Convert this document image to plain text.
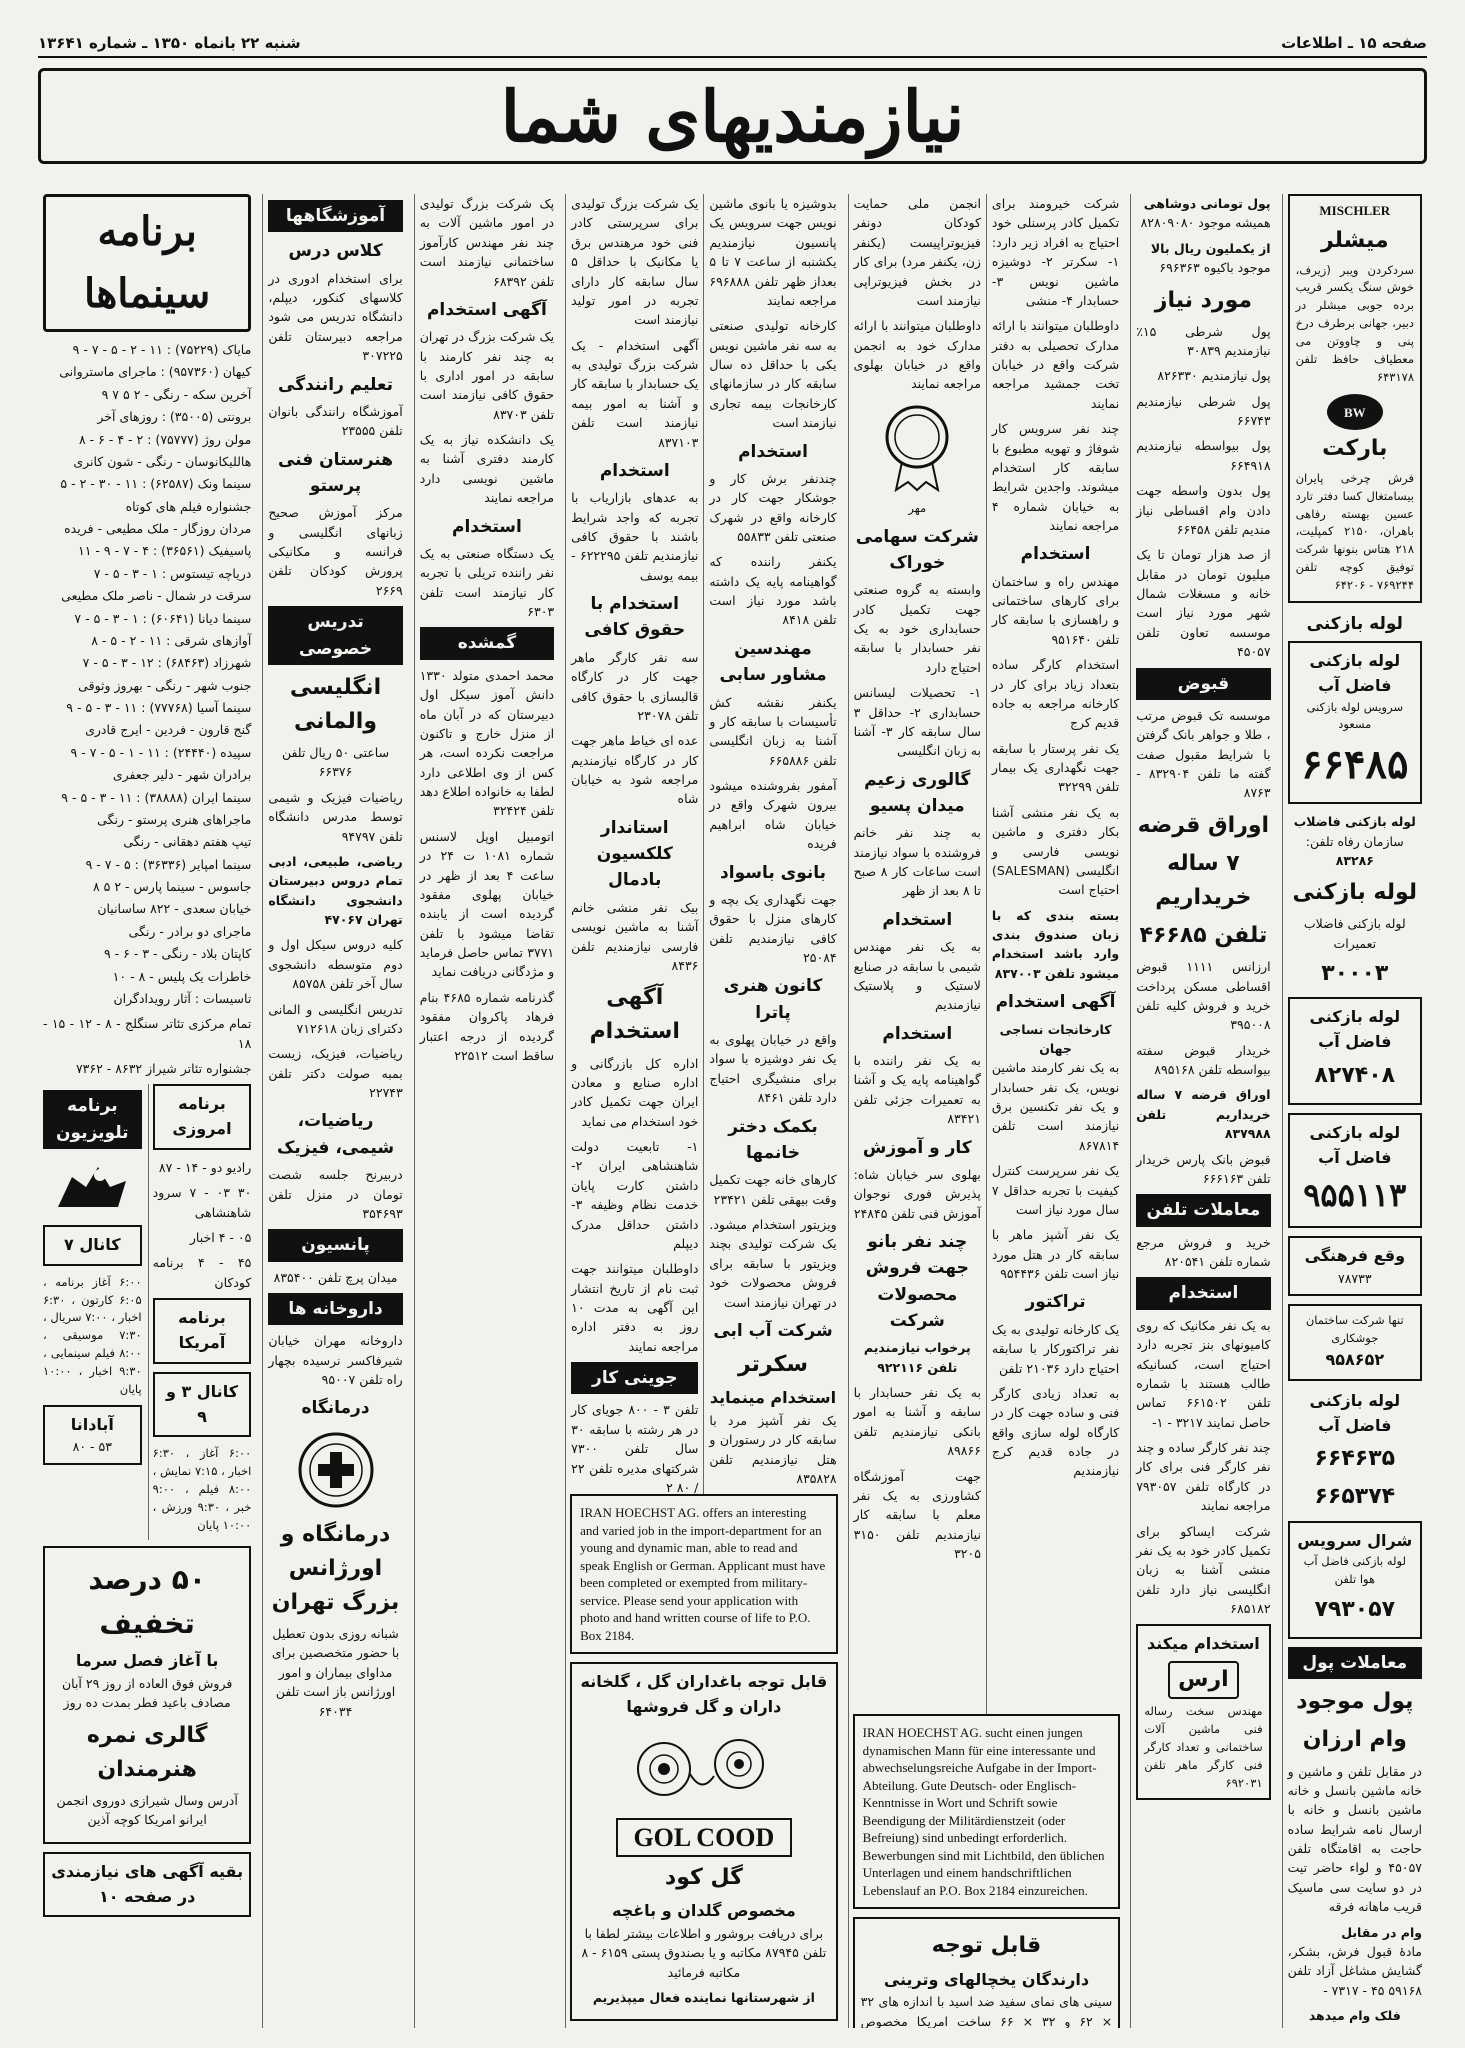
صفحه ۱۵ ـ اطلاعات
شنبه ۲۲ بانماه ۱۳۵۰ ـ شماره ۱۳۶۴۱
نیازمندیهای شما
MISCHLER
میشلر
سردکردن ویبر (زیرف، خوش سنگ یکسر قریب برده جوبی میشلر در دبیر، جهانی برطرف درخ پنی و چاووتن می معطیاف حافظ تلفن ۶۴۳۱۷۸
BW
بارکت
فرش چرخی پایران بیسامتغال کسا دفتر تارد عسین بهسته رفاهی باهران، ۲۱۵۰ کمپلیت، ۲۱۸ هتاس بنونها شرکت توفیق کوچه تلفن ۷۶۹۲۴۴ - ۶۴۲۰۶
لوله بازکنی
لوله بازکنی فاضل آب
سرویس لوله بازکنی مسعود
۶۶۴۸۵
لوله بازکنی فاضلاب
سازمان رفاه تلفن: ۸۳۲۸۶
لوله بازکنی
لوله بازکنی فاضلاب تعمیرات
۳۰۰۰۳
لوله بازکنی فاضل آب
۸۲۷۴۰۸
لوله بازکنی فاضل آب
۹۵۵۱۱۳
وقع فرهنگی
۷۸۷۳۳
تنها شرکت ساختمان جوشکاری
۹۵۸۶۵۲
لوله بازکنی فاضل آب
۶۶۴۶۳۵
۶۶۵۳۷۴
شرال سرویس
لوله بازکنی فاضل آب هوا تلفن
۷۹۳۰۵۷
معاملات پول
پول موجود
وام ارزان
در مقابل تلفن و ماشین و خانه ماشین بانسل و خانه ماشین بانسل و خانه با ارسال نامه شرایط ساده حاجت به اقامتگاه تلفن ۴۵۰۵۷ و لواء حاضر تیت در دو سایت سی ماسیک قریب ماهانه فرقه
وام در مقابل
مادهٔ قبول فرش، بشکر، گشایش مشاغل آزاد تلفن ۵۹۱۶۸ ۴۵ - ۷۳۱۷ -
فلک وام میدهد
پول تومانی دوشاهی
همیشه موجود ۸۲۸۰۹۰۸۰
از یکملیون ریال بالا
موجود باکیوه ۶۹۶۳۶۳
مورد نیاز
پول شرطی ۱۵٪ نیازمندیم ۳۰۸۳۹
پول نیازمندیم ۸۲۶۳۳۰
پول شرطی نیازمندیم ۶۶۷۴۳
پول بیواسطه نیازمندیم ۶۶۴۹۱۸
پول بدون واسطه جهت دادن وام اقساطی نیاز مندیم تلفن ۶۶۴۵۸
از صد هزار تومان تا یک میلیون تومان در مقابل خانه و مسغلات شمال شهر مورد نیاز است موسسه تعاون تلفن ۴۵۰۵۷
قبوض
موسسه تک قبوض مرتب ، طلا و جواهر بانک گرفتن با شرایط مقبول صفت گفته ما تلفن ۸۳۲۹۰۴ - ۸۷۶۳
اوراق قرضه
۷ ساله خریداریم
تلفن ۴۶۶۸۵
ارزانس ۱۱۱۱ قبوض اقساطی مسکن پرداخت خرید و فروش کلیه تلفن ۳۹۵۰۰۸
خریدار قبوض سفته بیواسطه تلفن ۸۹۵۱۶۸
اوراق قرضه ۷ ساله خریداریم تلفن ۸۳۷۹۸۸
قبوض بانک پارس خریدار تلفن ۶۶۶۱۶۳
معاملات تلفن
خرید و فروش مرجع شماره تلفن ۸۲۰۵۴۱
استخدام
به یک نفر مکانیک که روی کامیونهای بنز تجربه دارد احتیاج است، کسانیکه طالب هستند با شماره تلفن ۶۶۱۵۰۲ تماس حاصل نمایند ۳۲۱۷ - ۱-
چند نفر کارگر ساده و چند نفر کارگر فنی برای کار در کارگاه تلفن ۷۹۳۰۵۷ مراجعه نمایند
شرکت ایساکو برای تکمیل کادر خود به یک نفر منشی آشنا به زبان انگلیسی نیاز دارد تلفن ۶۸۵۱۸۲
استخدام میکند
ارس
مهندس سخت رساله فنی ماشین آلات ساختمانی و تعداد کارگر فنی کارگر ماهر تلفن ۶۹۲۰۳۱
شرکت خیرومند برای تکمیل کادر پرسنلی خود احتیاج به افراد زیر دارد: ۱- سکرتر ۲- دوشیزه ماشین نویس ۳- حسابدار ۴- منشی
داوطلبان میتوانند با ارائه مدارک تحصیلی به دفتر شرکت واقع در خیابان تخت جمشید مراجعه نمایند
چند نفر سرویس کار شوفاژ و تهویه مطبوع با سابقه کار استخدام میشوند. واجدین شرایط به خیابان شماره ۴ مراجعه نمایند
استخدام
مهندس راه و ساختمان برای کارهای ساختمانی و راهسازی با سابقه کار تلفن ۹۵۱۶۴۰
استخدام کارگر ساده بتعداد زیاد برای کار در کارخانه مراجعه به جاده قدیم کرج
یک نفر پرستار با سابقه جهت نگهداری یک بیمار تلفن ۳۲۲۹۹
به یک نفر منشی آشنا بکار دفتری و ماشین نویسی فارسی و انگلیسی (SALESMAN) احتیاج است
بسته بندی که با زبان صندوق بندی وارد باشد استخدام میشود تلفن ۸۳۷۰۰۳
آگهی استخدام
کارخانجات نساجی جهان
به یک نفر کارمند ماشین نویس، یک نفر حسابدار و یک نفر تکنسین برق نیازمند است تلفن ۸۶۷۸۱۴
یک نفر سرپرست کنترل کیفیت با تجربه حداقل ۷ سال مورد نیاز است
یک نفر آشپز ماهر با سابقه کار در هتل مورد نیاز است تلفن ۹۵۴۴۳۶
تراکتور
یک کارخانه تولیدی به یک نفر تراکتورکار با سابقه احتیاج دارد ۲۱۰۳۶ تلفن
به تعداد زیادی کارگر فنی و ساده جهت کار در کارگاه لوله سازی واقع در جاده قدیم کرج نیازمندیم
انجمن ملی حمایت کودکان دونفر فیزیوتراپیست (یکنفر زن، یکنفر مرد) برای کار در بخش فیزیوتراپی نیازمند است
داوطلبان میتوانند با ارائه مدارک خود به انجمن واقع در خیابان بهلوی مراجعه نمایند
مهر
شرکت سهامی خوراک
وابسته به گروه صنعتی جهت تکمیل کادر حسابداری خود به یک نفر حسابدار با سابقه احتیاج دارد
۱- تحصیلات لیسانس حسابداری ۲- حداقل ۳ سال سابقه کار ۳- آشنا به زبان انگلیسی
گالوری زعیم میدان پسیو
به چند نفر خانم فروشنده با سواد نیازمند است ساعات کار ۸ صبح تا ۸ بعد از ظهر
استخدام
به یک نفر مهندس شیمی با سابقه در صنایع لاستیک و پلاستیک نیازمندیم
استخدام
به یک نفر راننده با گواهینامه پایه یک و آشنا به تعمیرات جزئی تلفن ۸۳۴۲۱
کار و آموزش
بهلوی سر خیابان شاه: پذیرش فوری نوجوان آموزش فنی تلفن ۲۴۸۴۵
چند نفر بانو جهت فروش محصولات شرکت
پرخواب نیازمندیم تلفن ۹۲۲۱۱۶
به یک نفر حسابدار با سابقه و آشنا به امور بانکی نیازمندیم تلفن ۸۹۸۶۶
جهت آموزشگاه کشاورزی به یک نفر معلم با سابقه کار نیازمندیم تلفن ۳۱۵۰ ۳۲۰۵
IRAN HOECHST AG. sucht einen jungen dynamischen Mann für eine interessante und abwechselungsreiche Aufgabe in der Import-Abteilung. Gute Deutsch- oder Englisch-Kenntnisse in Wort und Schrift sowie Beendigung der Militärdienstzeit (oder Befreiung) sind unbedingt erforderlich. Bewerbungen sind mit Lichtbild, den üblichen Unterlagen und einem handschriftlichen Lebenslauf an P.O. Box 2184 einzureichen.
قابل توجه
دارندگان یخچالهای وترینی
سینی های نمای سفید ضد اسید با اندازه های ۳۲ × ۶۲ و ۳۲ × ۶۶ ساخت امریکا مخصوص
بدوشیزه یا بانوی ماشین نویس جهت سرویس یک پانسیون نیازمندیم یکشنبه از ساعت ۷ تا ۵ بعداز ظهر تلفن ۶۹۶۸۸۸ مراجعه نمایند
کارخانه تولیدی صنعتی به سه نفر ماشین نویس یکی با حداقل ده سال سابقه کار در سازمانهای کارخانجات بیمه تجاری نیازمند است
استخدام
چندنفر برش کار و جوشکار جهت کار در کارخانه واقع در شهرک صنعتی تلفن ۵۵۸۳۳
یکنفر راننده که گواهینامه پایه یک داشته باشد مورد نیاز است تلفن ۸۴۱۸
مهندسین مشاور سابی
یکنفر نقشه کش تأسیسات با سابقه کار و آشنا به زبان انگلیسی تلفن ۶۶۵۸۸۶
آمفور بفروشنده میشود بیرون شهرک واقع در خیابان شاه ابراهیم فریده
بانوی باسواد
جهت نگهداری یک بچه و کارهای منزل با حقوق کافی نیازمندیم تلفن ۲۵۰۸۴
کانون هنری پاترا
واقع در خیابان پهلوی به یک نفر دوشیزه با سواد برای منشیگری احتیاج دارد تلفن ۸۴۶۱
بکمک دختر خانمها
کارهای خانه جهت تکمیل وقت بیهقی تلفن ۲۳۴۲۱
ویزیتور استخدام میشود. یک شرکت تولیدی بچند ویزیتور با سابقه برای فروش محصولات خود در تهران نیازمند است
شرکت آب ابی
سکرتر
استخدام مینماید
یک نفر آشپز مرد با سابقه کار در رستوران و هتل نیازمندیم تلفن ۸۳۵۸۲۸
یک شرکت بزرگ تولیدی برای سرپرستی کادر فنی خود مرهندس برق یا مکانیک با حداقل ۵ سال سابقه کار دارای تجربه در امور تولید نیازمند است
آگهی استخدام - یک شرکت بزرگ تولیدی به یک حسابدار با سابقه کار و آشنا به امور بیمه نیازمند است تلفن ۸۳۷۱۰۳
استخدام
به عدهای بازاریاب با تجربه که واجد شرایط باشند با حقوق کافی نیازمندیم تلفن ۶۲۲۲۹۵ - بیمه یوسف
استخدام با حقوق کافی
سه نفر کارگر ماهر جهت کار در کارگاه قالبسازی با حقوق کافی تلفن ۲۳۰۷۸
عده ای خیاط ماهر جهت کار در کارگاه نیازمندیم مراجعه شود به خیابان شاه
استاندار کلکسیون بادمال
بیک نفر منشی خانم آشنا به ماشین نویسی فارسی نیازمندیم تلفن ۸۴۳۶
آگهی استخدام
اداره کل بازرگانی و اداره صنایع و معادن ایران جهت تکمیل کادر خود استخدام می نماید
۱- تابعیت دولت شاهنشاهی ایران ۲- داشتن کارت پایان خدمت نظام وظیفه ۳- داشتن حداقل مدرک دیپلم
داوطلبان میتوانند جهت ثبت نام از تاریخ انتشار این آگهی به مدت ۱۰ روز به دفتر اداره مراجعه نمایند
جوینی کار
تلفن ۳ - ۸۰۰ جویای کار در هر رشته با سابقه ۳۰ سال تلفن ۷۳۰۰ شرکتهای مدیره تلفن ۲۲ / ۸۰ ۲
IRAN HOECHST AG. offers an interesting and varied job in the import-department for an young and dynamic man, able to read and speak English or German. Applicant must have been completed or exempted from military-service. Please send your application with photo and hand written course of life to P.O. Box 2184.
قابل توجه باغداران گل ، گلخانه داران و گل فروشها
GOL COOD
گل کود
مخصوص گلدان و باغچه
برای دریافت بروشور و اطلاعات بیشتر لطفا با تلفن ۸۷۹۴۵ مکاتبه و یا بصندوق پستی ۶۱۵۹ - ۸ مکاتبه فرمائید
از شهرستانها نماینده فعال میپذیریم
پک شرکت بزرگ تولیدی در امور ماشین آلات به چند نفر مهندس کارآموز ساختمانی نیازمند است تلفن ۶۸۳۹۲
آگهی استخدام
یک شرکت بزرگ در تهران به چند نفر کارمند با سابقه در امور اداری با حقوق کافی نیازمند است تلفن ۸۳۷۰۳
یک دانشکده نیاز به یک کارمند دفتری آشنا به ماشین نویسی دارد مراجعه نمایند
استخدام
یک دستگاه صنعتی به یک نفر راننده تریلی با تجربه کار نیازمند است تلفن ۶۳۰۳
گمشده
محمد احمدی متولد ۱۳۳۰ دانش آموز سیکل اول دبیرستان که در آبان ماه از منزل خارج و تاکنون مراجعت نکرده است، هر کس از وی اطلاعی دارد لطفا به خانواده اطلاع دهد تلفن ۳۲۴۲۴
اتومبیل اوپل لاسنس شماره ۱۰۸۱ ت ۲۴ در ساعت ۴ بعد از ظهر در خیابان پهلوی مفقود گردیده است از یابنده تقاضا میشود با تلفن ۳۷۷۱ تماس حاصل فرماید و مژدگانی دریافت نماید
گذرنامه شماره ۴۶۸۵ بنام فرهاد پاکروان مفقود گردیده از درجه اعتبار ساقط است ۲۲۵۱۲
آموزشگاهها
کلاس درس
برای استخدام ادوری در کلاسهای کنکور، دیپلم، دانشگاه تدریس می شود مراجعه دبیرستان تلفن ۳۰۷۲۲۵
تعلیم رانندگی
آموزشگاه رانندگی بانوان تلفن ۲۳۵۵۵
هنرستان فنی پرستو
مرکز آموزش صحیح زبانهای انگلیسی و فرانسه و مکانیکی پرورش کودکان تلفن ۲۶۶۹
تدریس خصوصی
انگلیسی والمانی
ساعتی ۵۰ ریال تلفن ۶۶۳۷۶
ریاضیات فیزیک و شیمی توسط مدرس دانشگاه تلفن ۹۴۷۹۷
ریاضی، طبیعی، ادبی تمام دروس دبیرستان دانشجوی دانشگاه تهران ۴۷۰۶۷
کلیه دروس سیکل اول و دوم متوسطه دانشجوی سال آخر تلفن ۸۵۷۵۸
تدریس انگلیسی و المانی دکترای زبان ۷۱۲۶۱۸
ریاضیات، فیزیک، زیست بمبه صولت دکتر تلفن ۲۲۷۴۳
ریاضیات، شیمی، فیزیک
دربیرنح جلسه شصت تومان در منزل تلفن ۳۵۴۶۹۳
پانسیون
میدان پرچ تلفن ۸۳۵۴۰۰
داروخانه ها
داروخانه مهران خیابان شیرفاکسر نرسیده بچهار راه تلفن ۹۵۰۰۷
درمانگاه
درمانگاه و اورژانس بزرگ تهران
شبانه روزی بدون تعطیل با حضور متخصصین برای مداوای بیماران و امور اورژانس باز است تلفن ۶۴۰۳۴
برنامه سینماها
مایاک (۷۵۲۲۹) : ۱۱ - ۲ - ۵ - ۷ - ۹
کیهان (۹۵۷۳۶۰) : ماجرای ماستروانی
آخرین سکه - رنگی - ۲ ۵ ۷ ۹
برونتی (۳۵۰۰۵) : روزهای آخر
مولن روژ (۷۵۷۷۷) : ۲ - ۴ - ۶ - ۸
هاللیکانوسان - رنگی - شون کانری
سینما ونک (۶۲۵۸۷) : ۱۱ - ۳۰ - ۲ - ۵
جشنواره فیلم های کوتاه
مردان روزگار - ملک مطیعی - فریده
پاسیفیک (۳۶۵۶۱) : ۴ - ۷ - ۹ - ۱۱
دریاچه تیستوس : ۱ - ۳ - ۵ - ۷
سرقت در شمال - ناصر ملک مطیعی
سینما دیانا (۶۰۶۴۱) : ۱ - ۳ - ۵ - ۷
آوازهای شرقی : ۱۱ - ۲ - ۵ - ۸
شهرزاد (۶۸۴۶۳) : ۱۲ - ۳ - ۵ - ۷
جنوب شهر - رنگی - بهروز وثوقی
سینما آسیا (۷۷۷۶۸) : ۱۱ - ۳ - ۵ - ۹
گنج قارون - فردین - ایرج قادری
سپیده (۲۴۴۴۰) : ۱۱ - ۱ - ۵ - ۷ - ۹
برادران شهر - دلیر جعفری
سینما ایران (۳۸۸۸۸) : ۱۱ - ۳ - ۵ - ۹
ماجراهای هنری پرستو - رنگی
تیپ هفتم دهقانی - رنگی
سینما امپایر (۳۶۳۳۶) : ۵ - ۷ - ۹
جاسوس - سینما پارس - ۲ ۵ ۸
خیابان سعدی - ۸۲۲ ساسانیان
ماجرای دو برادر - رنگی
کاپتان بلاد - رنگی - ۳ - ۶ - ۹
خاطرات یک پلیس - ۸ - ۱۰
تاسیسات : آثار رویدادگران
تمام مرکزی تئاتر سنگلج - ۸ - ۱۲ - ۱۵ - ۱۸
جشنواره تئاتر شیراز ۸۶۳۲ - ۷۳۶۲
برنامه امروزی
رادیو دو - ۱۴ - ۸۷
۳۰ ۰۳ - ۷ سرود شاهنشاهی
۰۵ - ۴ اخبار
۴۵ - ۴ برنامه کودکان
برنامه آمریکا
کانال ۳ و ۹
۶:۰۰ آغاز ، ۶:۳۰ اخبار ، ۷:۱۵ نمایش ، ۸:۰۰ فیلم ، ۹:۰۰ خبر ، ۹:۳۰ ورزش ، ۱۰:۰۰ پایان
برنامه تلویزیون
کانال ۷
۶:۰۰ آغاز برنامه ، ۶:۰۵ کارتون ، ۶:۳۰ اخبار ، ۷:۰۰ سریال ، ۷:۳۰ موسیقی ، ۸:۰۰ فیلم سینمایی ، ۹:۳۰ اخبار ، ۱۰:۰۰ پایان
آبادانا
۵۳ - ۸۰
۵۰ درصد تخفیف
با آغاز فصل سرما
فروش فوق العاده از روز ۲۹ آبان مصادف باعید فطر بمدت ده روز
گالری نمره هنرمندان
آدرس وسال شیرازی دوروی انجمن ایرانو امریکا کوچه آذین
بقیه آگهی های نیازمندی در صفحه ۱۰
